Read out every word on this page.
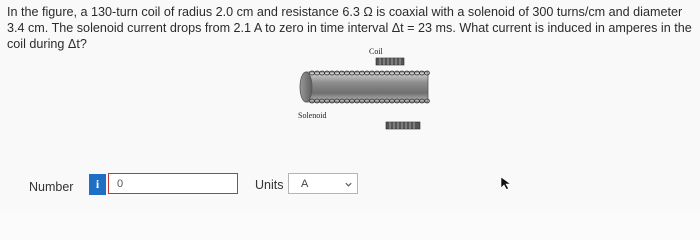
In the figure, a 130-turn coil of radius 2.0 cm and resistance 6.3 Ω is coaxial with a solenoid of 300 turns/cm and diameter 3.4 cm. The solenoid current drops from 2.1 A to zero in time interval Δt = 23 ms. What current is induced in amperes in the coil during Δt?
Coil
Solenoid
Number	i
0	Units A
